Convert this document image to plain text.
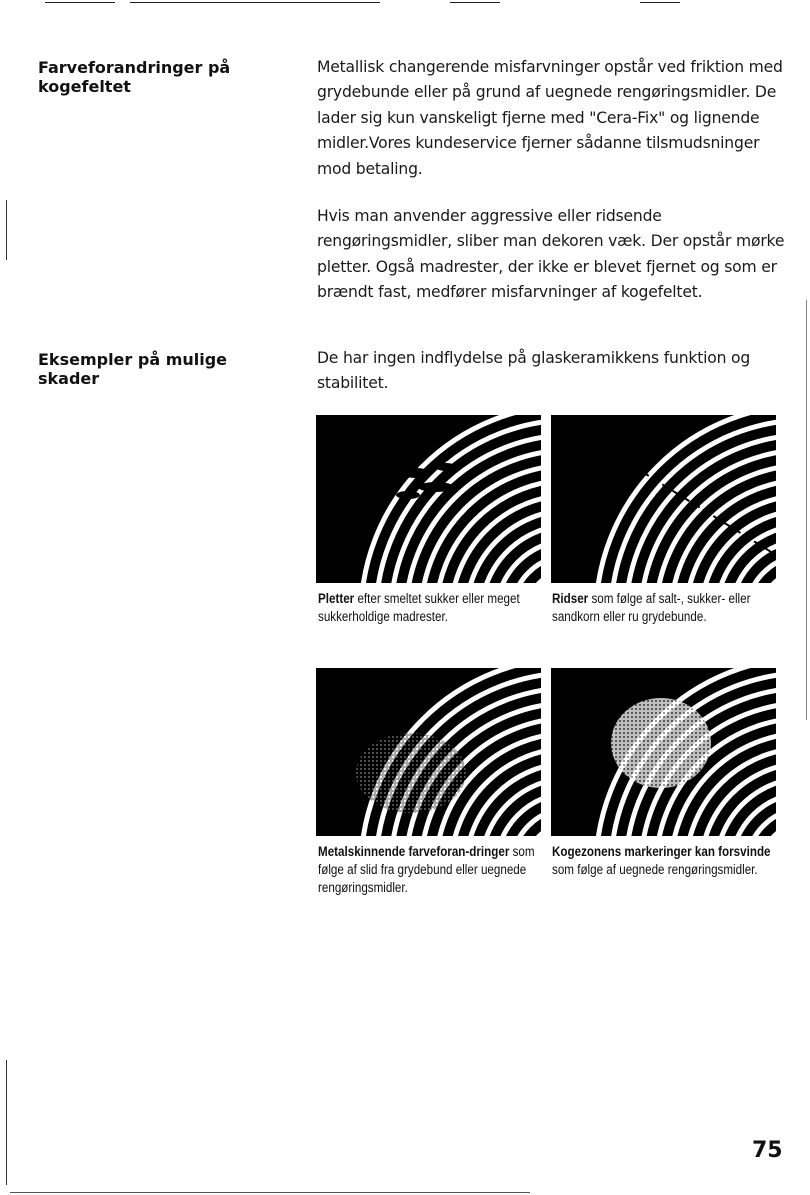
Farveforandringer på kogefeltet
Metallisk changerende misfarvninger opstår ved friktion med grydebunde eller på grund af uegnede rengøringsmidler. De lader sig kun vanskeligt fjerne med "Cera-Fix" og lignende midler.Vores kundeservice fjerner sådanne tilsmudsninger mod betaling.
Hvis man anvender aggressive eller ridsende rengøringsmidler, sliber man dekoren væk. Der opstår mørke pletter. Også madrester, der ikke er blevet fjernet og som er brændt fast, medfører misfarvninger af kogefeltet.
Eksempler på mulige skader
De har ingen indflydelse på glaskeramikkens funktion og stabilitet.
Pletter efter smeltet sukker eller meget sukkerholdige madrester.
Ridser som følge af salt-, sukker- eller sandkorn eller ru grydebunde.
Metalskinnende farveforan-dringer som følge af slid fra grydebund eller uegnede rengøringsmidler.
Kogezonens markeringer kan forsvinde som følge af uegnede rengøringsmidler.
75
